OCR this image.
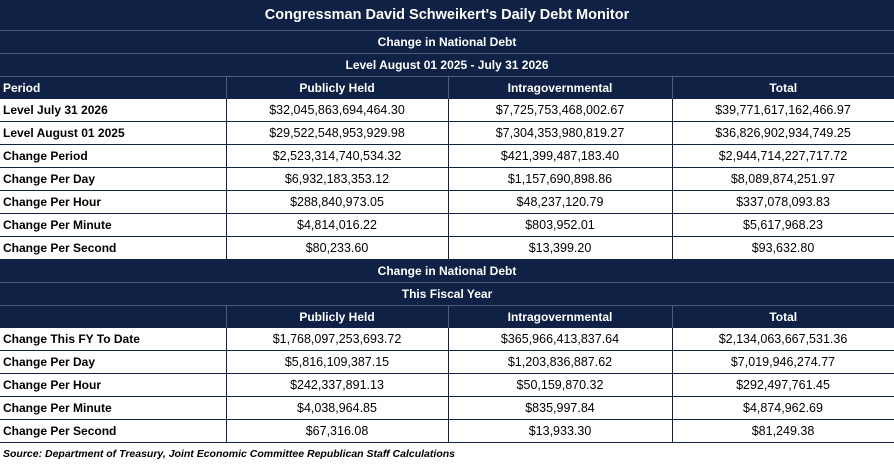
Congressman David Schweikert's Daily Debt Monitor			
Change in National Debt			
Level August 01 2025 - July 31 2026			
Period	Publicly Held	Intragovernmental	Total
Level July 31 2026	$32,045,863,694,464.30	$7,725,753,468,002.67	$39,771,617,162,466.97
Level August 01 2025	$29,522,548,953,929.98	$7,304,353,980,819.27	$36,826,902,934,749.25
Change Period	$2,523,314,740,534.32	$421,399,487,183.40	$2,944,714,227,717.72
Change Per Day	$6,932,183,353.12	$1,157,690,898.86	$8,089,874,251.97
Change Per Hour	$288,840,973.05	$48,237,120.79	$337,078,093.83
Change Per Minute	$4,814,016.22	$803,952.01	$5,617,968.23
Change Per Second	$80,233.60	$13,399.20	$93,632.80
Change in National Debt			
This Fiscal Year			
	Publicly Held	Intragovernmental	Total
Change This FY To Date	$1,768,097,253,693.72	$365,966,413,837.64	$2,134,063,667,531.36
Change Per Day	$5,816,109,387.15	$1,203,836,887.62	$7,019,946,274.77
Change Per Hour	$242,337,891.13	$50,159,870.32	$292,497,761.45
Change Per Minute	$4,038,964.85	$835,997.84	$4,874,962.69
Change Per Second	$67,316.08	$13,933.30	$81,249.38
Source: Department of Treasury, Joint Economic Committee Republican Staff Calculations			
